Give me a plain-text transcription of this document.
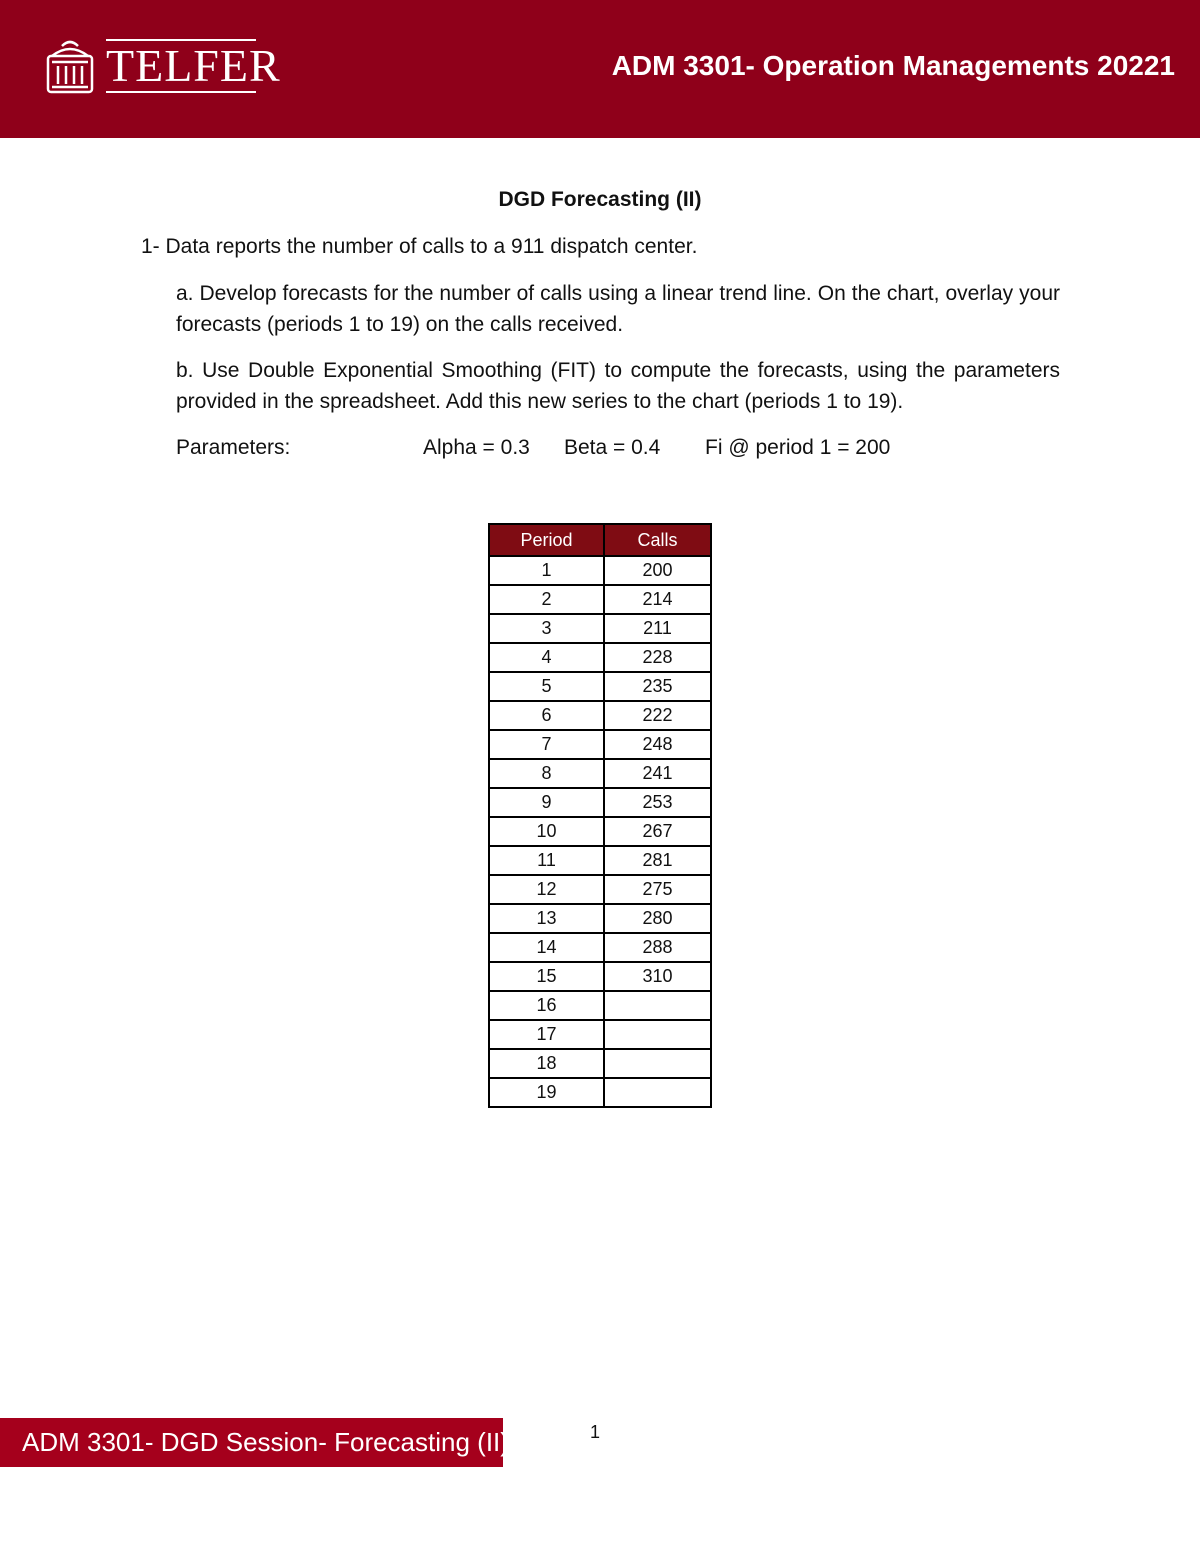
TELFER	ADM 3301- Operation Managements 20221
DGD Forecasting (II)
1- Data reports the number of calls to a 911 dispatch center.
a. Develop forecasts for the number of calls using a linear trend line. On the chart, overlay your forecasts (periods 1 to 19) on the calls received.
b. Use Double Exponential Smoothing (FIT) to compute the forecasts, using the parameters provided in the spreadsheet. Add this new series to the chart (periods 1 to 19).
Parameters:	Alpha = 0.3 Beta = 0.4 Fi @ period 1 = 200
Period	Calls
1	200
2	214
3	211
4	228
5	235
6	222
7	248
8	241
9	253
10	267
11	281
12	275
13	280
14	288
15	310
16	
17	
18	
19	
ADM 3301- DGD Session- Forecasting (II)	1
